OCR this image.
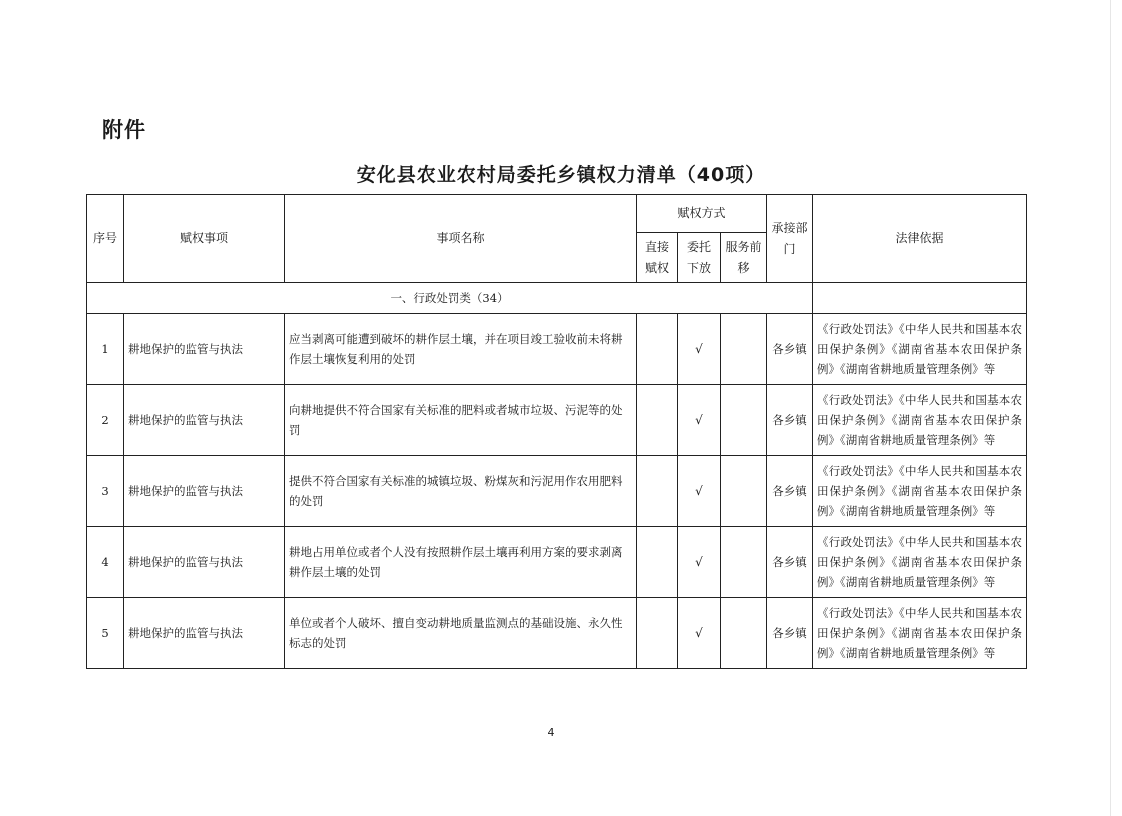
附件
安化县农业农村局委托乡镇权力清单（40项）
序号	赋权事项	事项名称	赋权方式			承接部门	法律依据
			直接赋权	委托下放	服务前移		
一、行政处罚类（34）							
1	耕地保护的监管与执法	应当剥离可能遭到破坏的耕作层土壤，并在项目竣工验收前未将耕作层土壤恢复利用的处罚		√		各乡镇	《行政处罚法》《中华人民共和国基本农田保护条例》《湖南省基本农田保护条例》《湖南省耕地质量管理条例》等
2	耕地保护的监管与执法	向耕地提供不符合国家有关标准的肥料或者城市垃圾、污泥等的处罚		√		各乡镇	《行政处罚法》《中华人民共和国基本农田保护条例》《湖南省基本农田保护条例》《湖南省耕地质量管理条例》等
3	耕地保护的监管与执法	提供不符合国家有关标准的城镇垃圾、粉煤灰和污泥用作农用肥料的处罚		√		各乡镇	《行政处罚法》《中华人民共和国基本农田保护条例》《湖南省基本农田保护条例》《湖南省耕地质量管理条例》等
4	耕地保护的监管与执法	耕地占用单位或者个人没有按照耕作层土壤再利用方案的要求剥离耕作层土壤的处罚		√		各乡镇	《行政处罚法》《中华人民共和国基本农田保护条例》《湖南省基本农田保护条例》《湖南省耕地质量管理条例》等
5	耕地保护的监管与执法	单位或者个人破坏、擅自变动耕地质量监测点的基础设施、永久性标志的处罚		√		各乡镇	《行政处罚法》《中华人民共和国基本农田保护条例》《湖南省基本农田保护条例》《湖南省耕地质量管理条例》等
4
